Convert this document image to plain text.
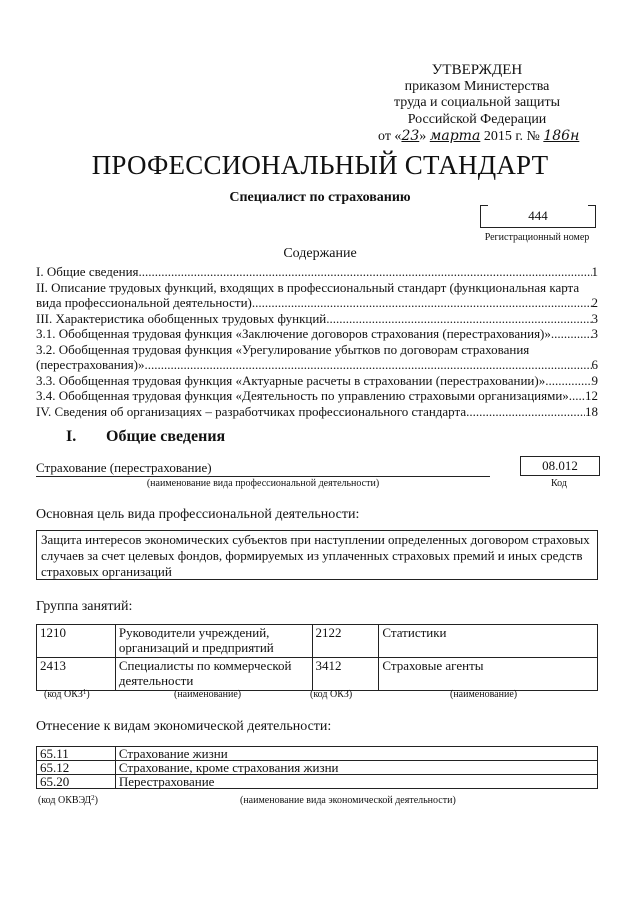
УТВЕРЖДЕН
приказом Министерства
труда и социальной защиты
Российской Федерации
от «23» марта 2015 г. № 186н
ПРОФЕССИОНАЛЬНЫЙ СТАНДАРТ
Специалист по страхованию
444
Регистрационный номер
Содержание
I. Общие сведения .....	1
II. Описание трудовых функций, входящих в профессиональный стандарт (функциональная карта
вида профессиональной деятельности) .....	2
III. Характеристика обобщенных трудовых функций .....	3
3.1. Обобщенная трудовая функция «Заключение договоров страхования (перестрахования)» .....	3
3.2. Обобщенная трудовая функция «Урегулирование убытков по договорам страхования
(перестрахования)» .....	6
3.3. Обобщенная трудовая функция «Актуарные расчеты в страховании (перестраховании)» .....	9
3.4. Обобщенная трудовая функция «Деятельность по управлению страховыми организациями» ..... 12
IV. Сведения об организациях – разработчиках профессионального стандарта .....	18
I. Общие сведения
Страхование (перестрахование)
(наименование вида профессиональной деятельности)
08.012
Код
Основная цель вида профессиональной деятельности:
Защита интересов экономических субъектов при наступлении определенных договором страховых случаев за счет целевых фондов, формируемых из уплаченных страховых премий и иных средств страховых организаций
Группа занятий:
1210	Руководители учреждений, организаций и предприятий	2122	Статистики
2413	Специалисты по коммерческой деятельности	3412	Страховые агенты
(код ОКЗ$^1$)	(наименование)	(код ОКЗ)	(наименование)
Отнесение к видам экономической деятельности:
65.11	Страхование жизни
65.12	Страхование, кроме страхования жизни
65.20	Перестрахование
(код ОКВЭД$^2$)	(наименование вида экономической деятельности)
